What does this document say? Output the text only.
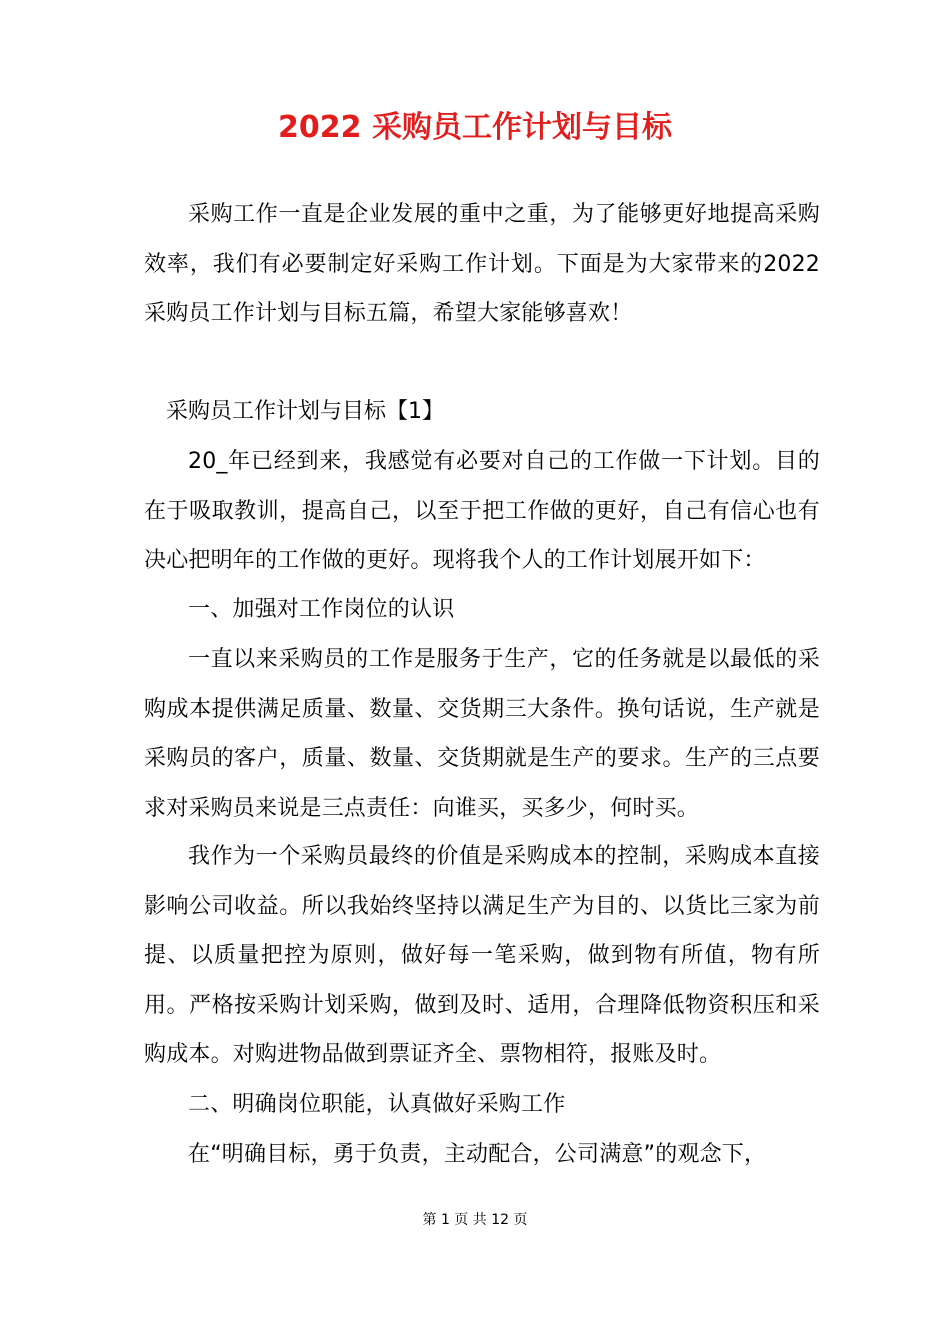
2022 采购员工作计划与目标
采购工作一直是企业发展的重中之重，为了能够更好地提高采购效率，我们有必要制定好采购工作计划。下面是为大家带来的2022采购员工作计划与目标五篇，希望大家能够喜欢！
采购员工作计划与目标【1】
20_年已经到来，我感觉有必要对自己的工作做一下计划。目的在于吸取教训，提高自己，以至于把工作做的更好，自己有信心也有决心把明年的工作做的更好。现将我个人的工作计划展开如下：
一、加强对工作岗位的认识
一直以来采购员的工作是服务于生产，它的任务就是以最低的采购成本提供满足质量、数量、交货期三大条件。换句话说，生产就是采购员的客户，质量、数量、交货期就是生产的要求。生产的三点要求对采购员来说是三点责任：向谁买，买多少，何时买。
我作为一个采购员最终的价值是采购成本的控制，采购成本直接影响公司收益。所以我始终坚持以满足生产为目的、以货比三家为前提、以质量把控为原则，做好每一笔采购，做到物有所值，物有所用。严格按采购计划采购，做到及时、适用，合理降低物资积压和采购成本。对购进物品做到票证齐全、票物相符，报账及时。
二、明确岗位职能，认真做好采购工作
在“明确目标，勇于负责，主动配合，公司满意”的观念下，
第 1 页 共 12 页
